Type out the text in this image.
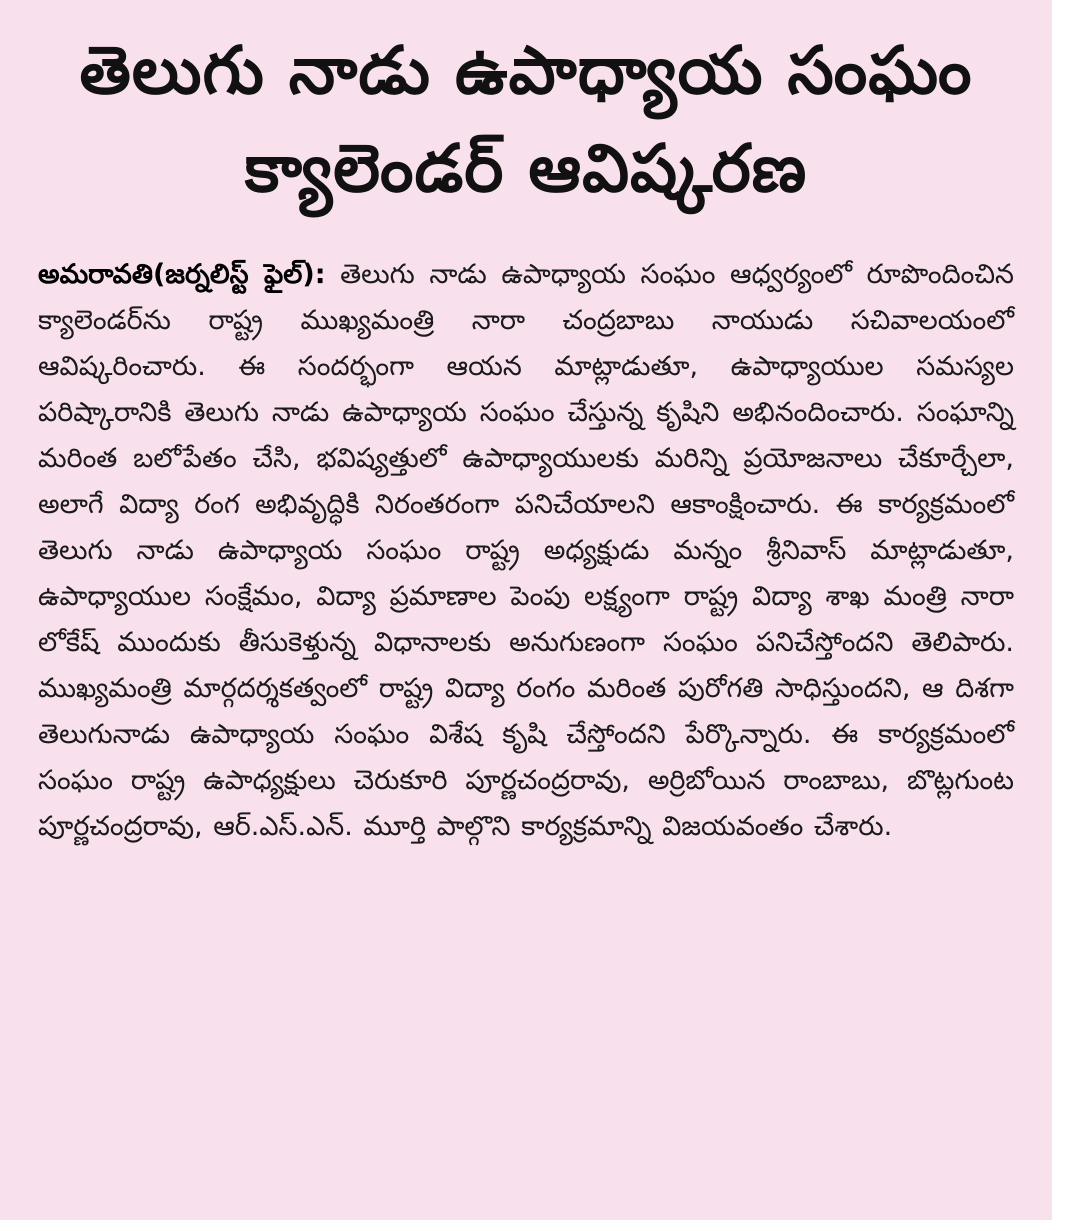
తెలుగు నాడు ఉపాధ్యాయ సంఘం
క్యాలెండర్ ఆవిష్కరణ
అమరావతి(జర్నలిస్ట్ ఫైల్): తెలుగు నాడు ఉపాధ్యాయ సంఘం ఆధ్వర్యంలో రూపొందించిన క్యాలెండర్‌ను రాష్ట్ర ముఖ్యమంత్రి నారా చంద్రబాబు నాయుడు సచివాలయంలో ఆవిష్కరించారు. ఈ సందర్భంగా ఆయన మాట్లాడుతూ, ఉపాధ్యాయుల సమస్యల పరిష్కారానికి తెలుగు నాడు ఉపాధ్యాయ సంఘం చేస్తున్న కృషిని అభినందించారు. సంఘాన్ని మరింత బలోపేతం చేసి, భవిష్యత్తులో ఉపాధ్యాయులకు మరిన్ని ప్రయోజనాలు చేకూర్చేలా, అలాగే విద్యా రంగ అభివృద్ధికి నిరంతరంగా పనిచేయాలని ఆకాంక్షించారు. ఈ కార్యక్రమంలో తెలుగు నాడు ఉపాధ్యాయ సంఘం రాష్ట్ర అధ్యక్షుడు మన్నం శ్రీనివాస్ మాట్లాడుతూ, ఉపాధ్యాయుల సంక్షేమం, విద్యా ప్రమాణాల పెంపు లక్ష్యంగా రాష్ట్ర విద్యా శాఖ మంత్రి నారా లోకేష్ ముందుకు తీసుకెళ్తున్న విధానాలకు అనుగుణంగా సంఘం పనిచేస్తోందని తెలిపారు. ముఖ్యమంత్రి మార్గదర్శకత్వంలో రాష్ట్ర విద్యా రంగం మరింత పురోగతి సాధిస్తుందని, ఆ దిశగా తెలుగునాడు ఉపాధ్యాయ సంఘం విశేష కృషి చేస్తోందని పేర్కొన్నారు. ఈ కార్యక్రమంలో సంఘం రాష్ట్ర ఉపాధ్యక్షులు చెరుకూరి పూర్ణచంద్రరావు, అర్రిబోయిన రాంబాబు, బొట్లగుంట పూర్ణచంద్రరావు, ఆర్.ఎస్.ఎన్. మూర్తి పాల్గొని కార్యక్రమాన్ని విజయవంతం చేశారు.
